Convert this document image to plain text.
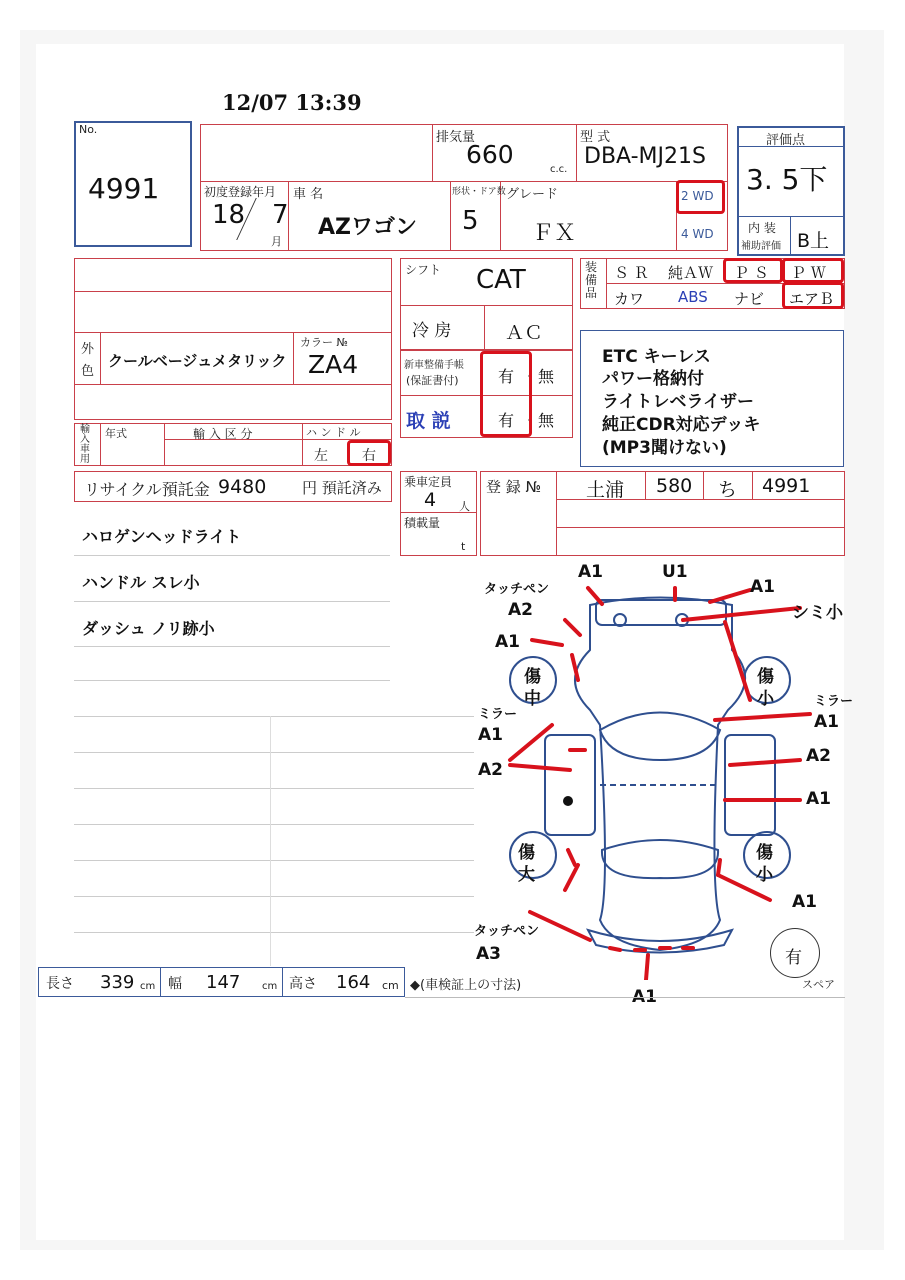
12/07 13:39
No.
4991
排気量
660
c.c.
型 式
DBA-MJ21S
初度登録年月
18 7
月
車 名
AZワゴン
形状・ドア数
5
グレード
ＦＸ
2 WD
4 WD
評価点
3. 5下
内 装
補助評価 B上
外
色
クールベージュメタリック
カラー №
ZA4
シフト CAT
冷 房	ＡＣ
装備品
Ｓ Ｒ 純ＡＷ Ｐ Ｓ Ｐ Ｗ
カワ ABS ナビ エアＢ
新車整備手帳
(保証書付) 有 ・ 無
取 説	有 ・ 無
ETC キーレス
パワー格納付
ライトレベライザー
純正CDR対応デッキ
(MP3聞けない)
輸入車用
年式	輸 入 区 分	ハ ン ド ル
左 右
リサイクル預託金 9480 円 預託済み 乗車定員
4 人
積載量
t
登 録 № 土浦 580 ち 4991
ハロゲンヘッドライト
ハンドル スレ小
ダッシュ ノリ跡小
A1	U1
A1
タッチペン
A2	シミ小
A1
傷
中
傷
小	ミラー
A1
ミラー
A1
A2
A2
A1
傷
大
傷
小
A1
タッチペン
A3
A1
有
スペア
長さ 339 cm 幅 147 cm 高さ 164 cm ◆(車検証上の寸法)
